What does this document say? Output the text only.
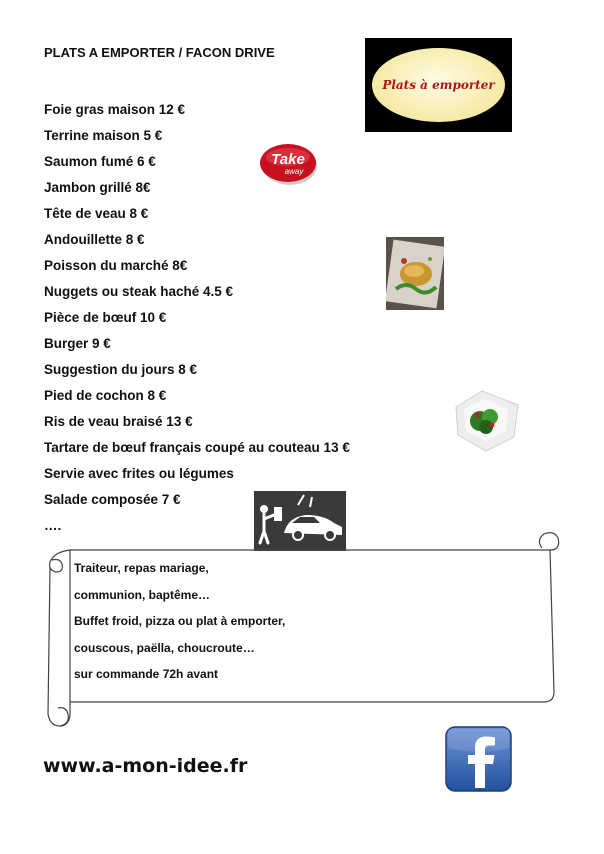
PLATS A EMPORTER / FACON DRIVE
Foie gras maison 12 €
Terrine maison 5 €
Saumon fumé 6 €
Jambon grillé 8€
Tête de veau 8 €
Andouillette 8 €
Poisson du marché 8€
Nuggets ou steak haché 4.5 €
Pièce de bœuf 10 €
Burger 9 €
Suggestion du jours 8 €
Pied de cochon 8 €
Ris de veau braisé 13 €
Tartare de bœuf français coupé au couteau 13 €
Servie avec frites ou légumes
Salade composée 7 €
….
Plats à emporter
Take
away
Traiteur, repas mariage,
communion, baptême…
Buffet froid, pizza ou plat à emporter,
couscous, paëlla, choucroute…
sur commande 72h avant
www.a-mon-idee.fr
